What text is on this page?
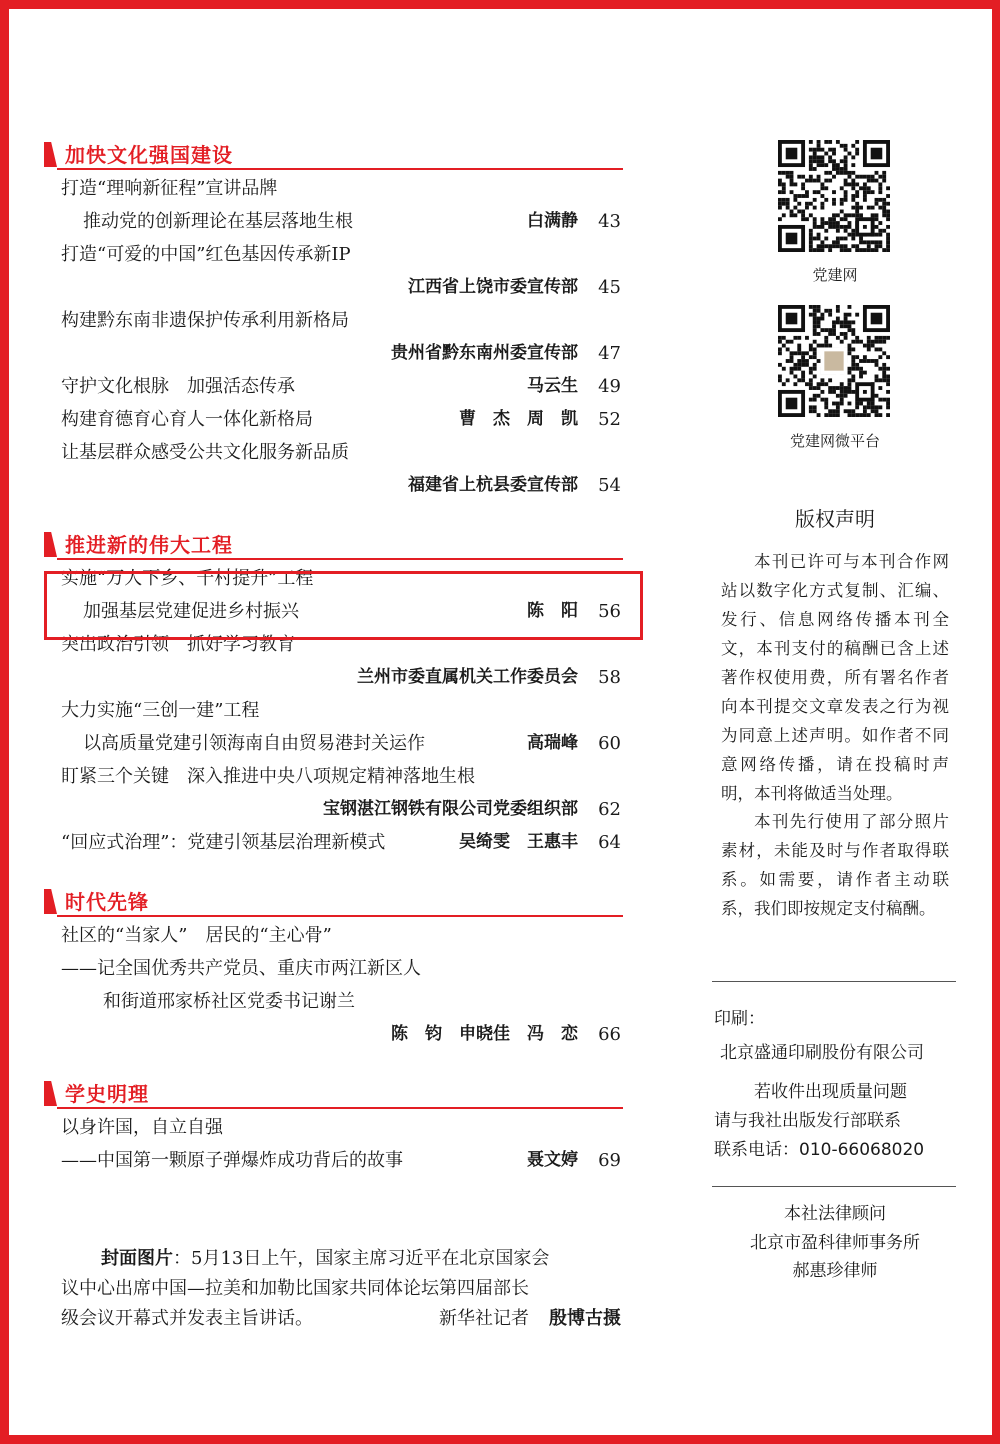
加快文化强国建设
打造“理响新征程”宣讲品牌
推动党的创新理论在基层落地生根	白满静 43
打造“可爱的中国”红色基因传承新IP
江西省上饶市委宣传部 45
构建黔东南非遗保护传承利用新格局
贵州省黔东南州委宣传部 47
守护文化根脉　加强活态传承	马云生 49
构建育德育心育人一体化新格局	曹　杰　周　凯 52
让基层群众感受公共文化服务新品质
福建省上杭县委宣传部 54
推进新的伟大工程
实施“万人下乡、千村提升”工程
加强基层党建促进乡村振兴	陈　阳 56
突出政治引领　抓好学习教育
兰州市委直属机关工作委员会 58
大力实施“三创一建”工程
以高质量党建引领海南自由贸易港封关运作	高瑞峰 60
盯紧三个关键　深入推进中央八项规定精神落地生根
宝钢湛江钢铁有限公司党委组织部 62
“回应式治理”：党建引领基层治理新模式	吴绮雯　王惠丰 64
时代先锋
社区的“当家人”　居民的“主心骨”
——记全国优秀共产党员、重庆市两江新区人
和街道邢家桥社区党委书记谢兰
陈　钧　申晓佳　冯　恋 66
学史明理
以身许国，自立自强
——中国第一颗原子弹爆炸成功背后的故事	聂文婷 69
封面图片：5月13日上午，国家主席习近平在北京国家会
议中心出席中国—拉美和加勒比国家共同体论坛第四届部长
级会议开幕式并发表主旨讲话。	新华社记者 殷博古摄
党建网
党建网微平台
版权声明
本刊已许可与本刊合作网站以数字化方式复制、汇编、发行、信息网络传播本刊全文，本刊支付的稿酬已含上述著作权使用费，所有署名作者向本刊提交文章发表之行为视为同意上述声明。如作者不同意网络传播，请在投稿时声明，本刊将做适当处理。
本刊先行使用了部分照片素材，未能及时与作者取得联系。如需要，请作者主动联系，我们即按规定支付稿酬。
印刷：
北京盛通印刷股份有限公司
若收件出现质量问题
请与我社出版发行部联系
联系电话：010-66068020
本社法律顾问
北京市盈科律师事务所
郝惠珍律师
